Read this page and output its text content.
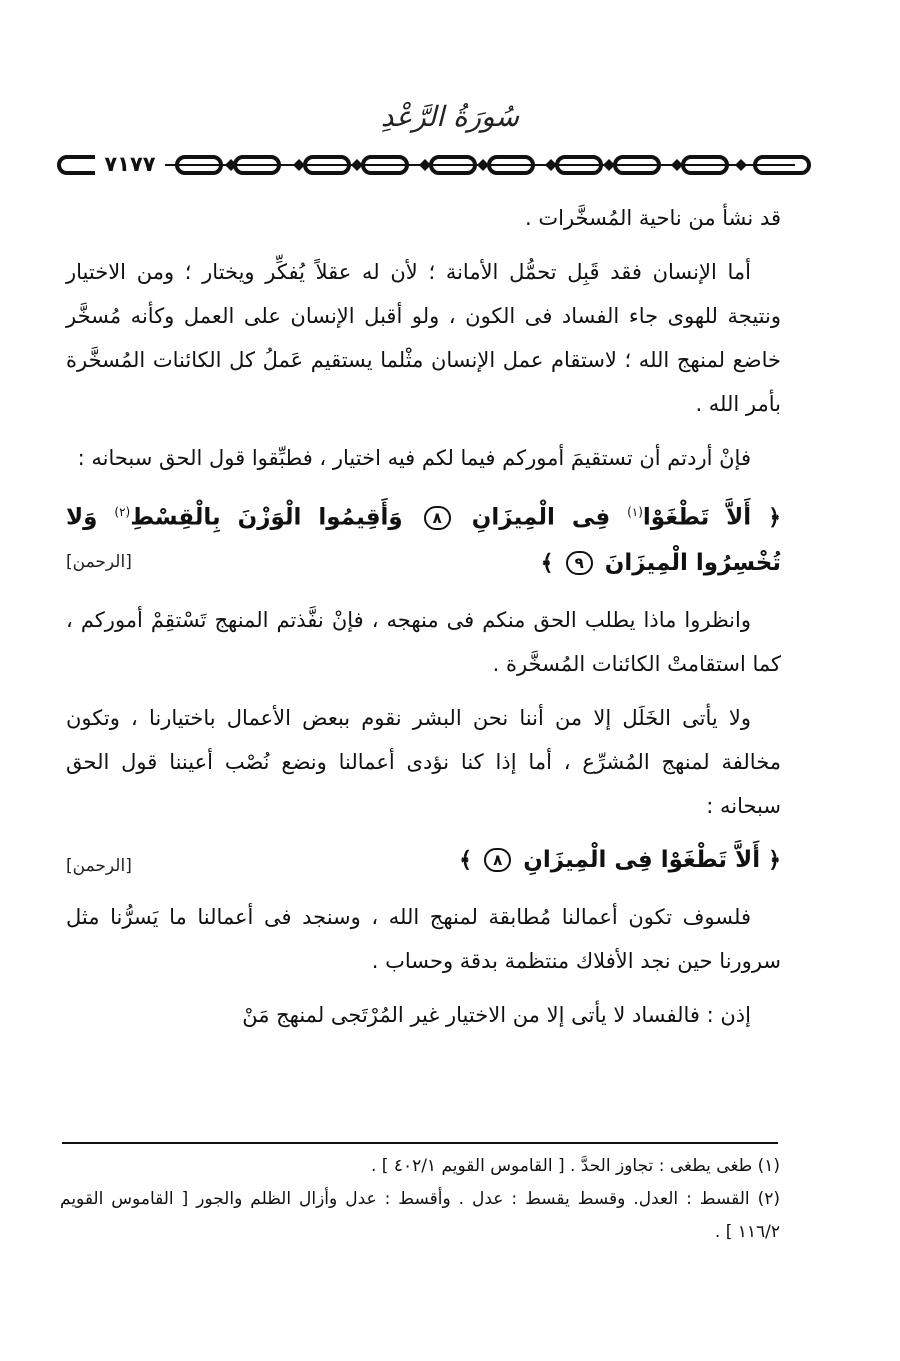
سُورَةُ الرَّعْدِ
٧١٧٧

قد نشأ من ناحية المُسخَّرات .

أما الإنسان فقد قَبِل تحمُّل الأمانة ؛ لأن له عقلاً يُفكِّر ويختار ؛ ومن الاختيار ونتيجة للهوى جاء الفساد فى الكون ، ولو أقبل الإنسان على العمل وكأنه مُسخَّر خاضع لمنهج الله ؛ لاستقام عمل الإنسان مثْلما يستقيم عَملُ كل الكائنات المُسخَّرة بأمر الله .

فإنْ أردتم أن تستقيمَ أموركم فيما لكم فيه اختيار ، فطبِّقوا قول الحق سبحانه :

﴿ أَلاَّ تَطْغَوْا$^{(١)}$ فِى الْمِيزَانِ ٨ وَأَقِيمُوا الْوَزْنَ بِالْقِسْطِ$^{(٢)}$ وَلا تُخْسِرُوا الْمِيزَانَ ٩ ﴾
[الرحمن]

وانظروا ماذا يطلب الحق منكم فى منهجه ، فإنْ نفَّذتم المنهج تَسْتقِمْ أموركم ، كما استقامتْ الكائنات المُسخَّرة .

ولا يأتى الخَلَل إلا من أننا نحن البشر نقوم ببعض الأعمال باختيارنا ، وتكون مخالفة لمنهج المُشرِّع ، أما إذا كنا نؤدى أعمالنا ونضع نُصْب أعيننا قول الحق سبحانه :

﴿ أَلاَّ تَطْغَوْا فِى الْمِيزَانِ ٨ ﴾
[الرحمن]

فلسوف تكون أعمالنا مُطابقة لمنهج الله ، وسنجد فى أعمالنا ما يَسرُّنا مثل سرورنا حين نجد الأفلاك منتظمة بدقة وحساب .

إذن : فالفساد لا يأتى إلا من الاختيار غير المُرْتَجى لمنهج مَنْ

(١) طغى يطغى : تجاوز الحدَّ . [ القاموس القويم ٤٠٢/١ ] .

(٢) القسط : العدل. وقسط يقسط : عدل . وأقسط : عدل وأزال الظلم والجور [ القاموس القويم ١١٦/٢ ] .
